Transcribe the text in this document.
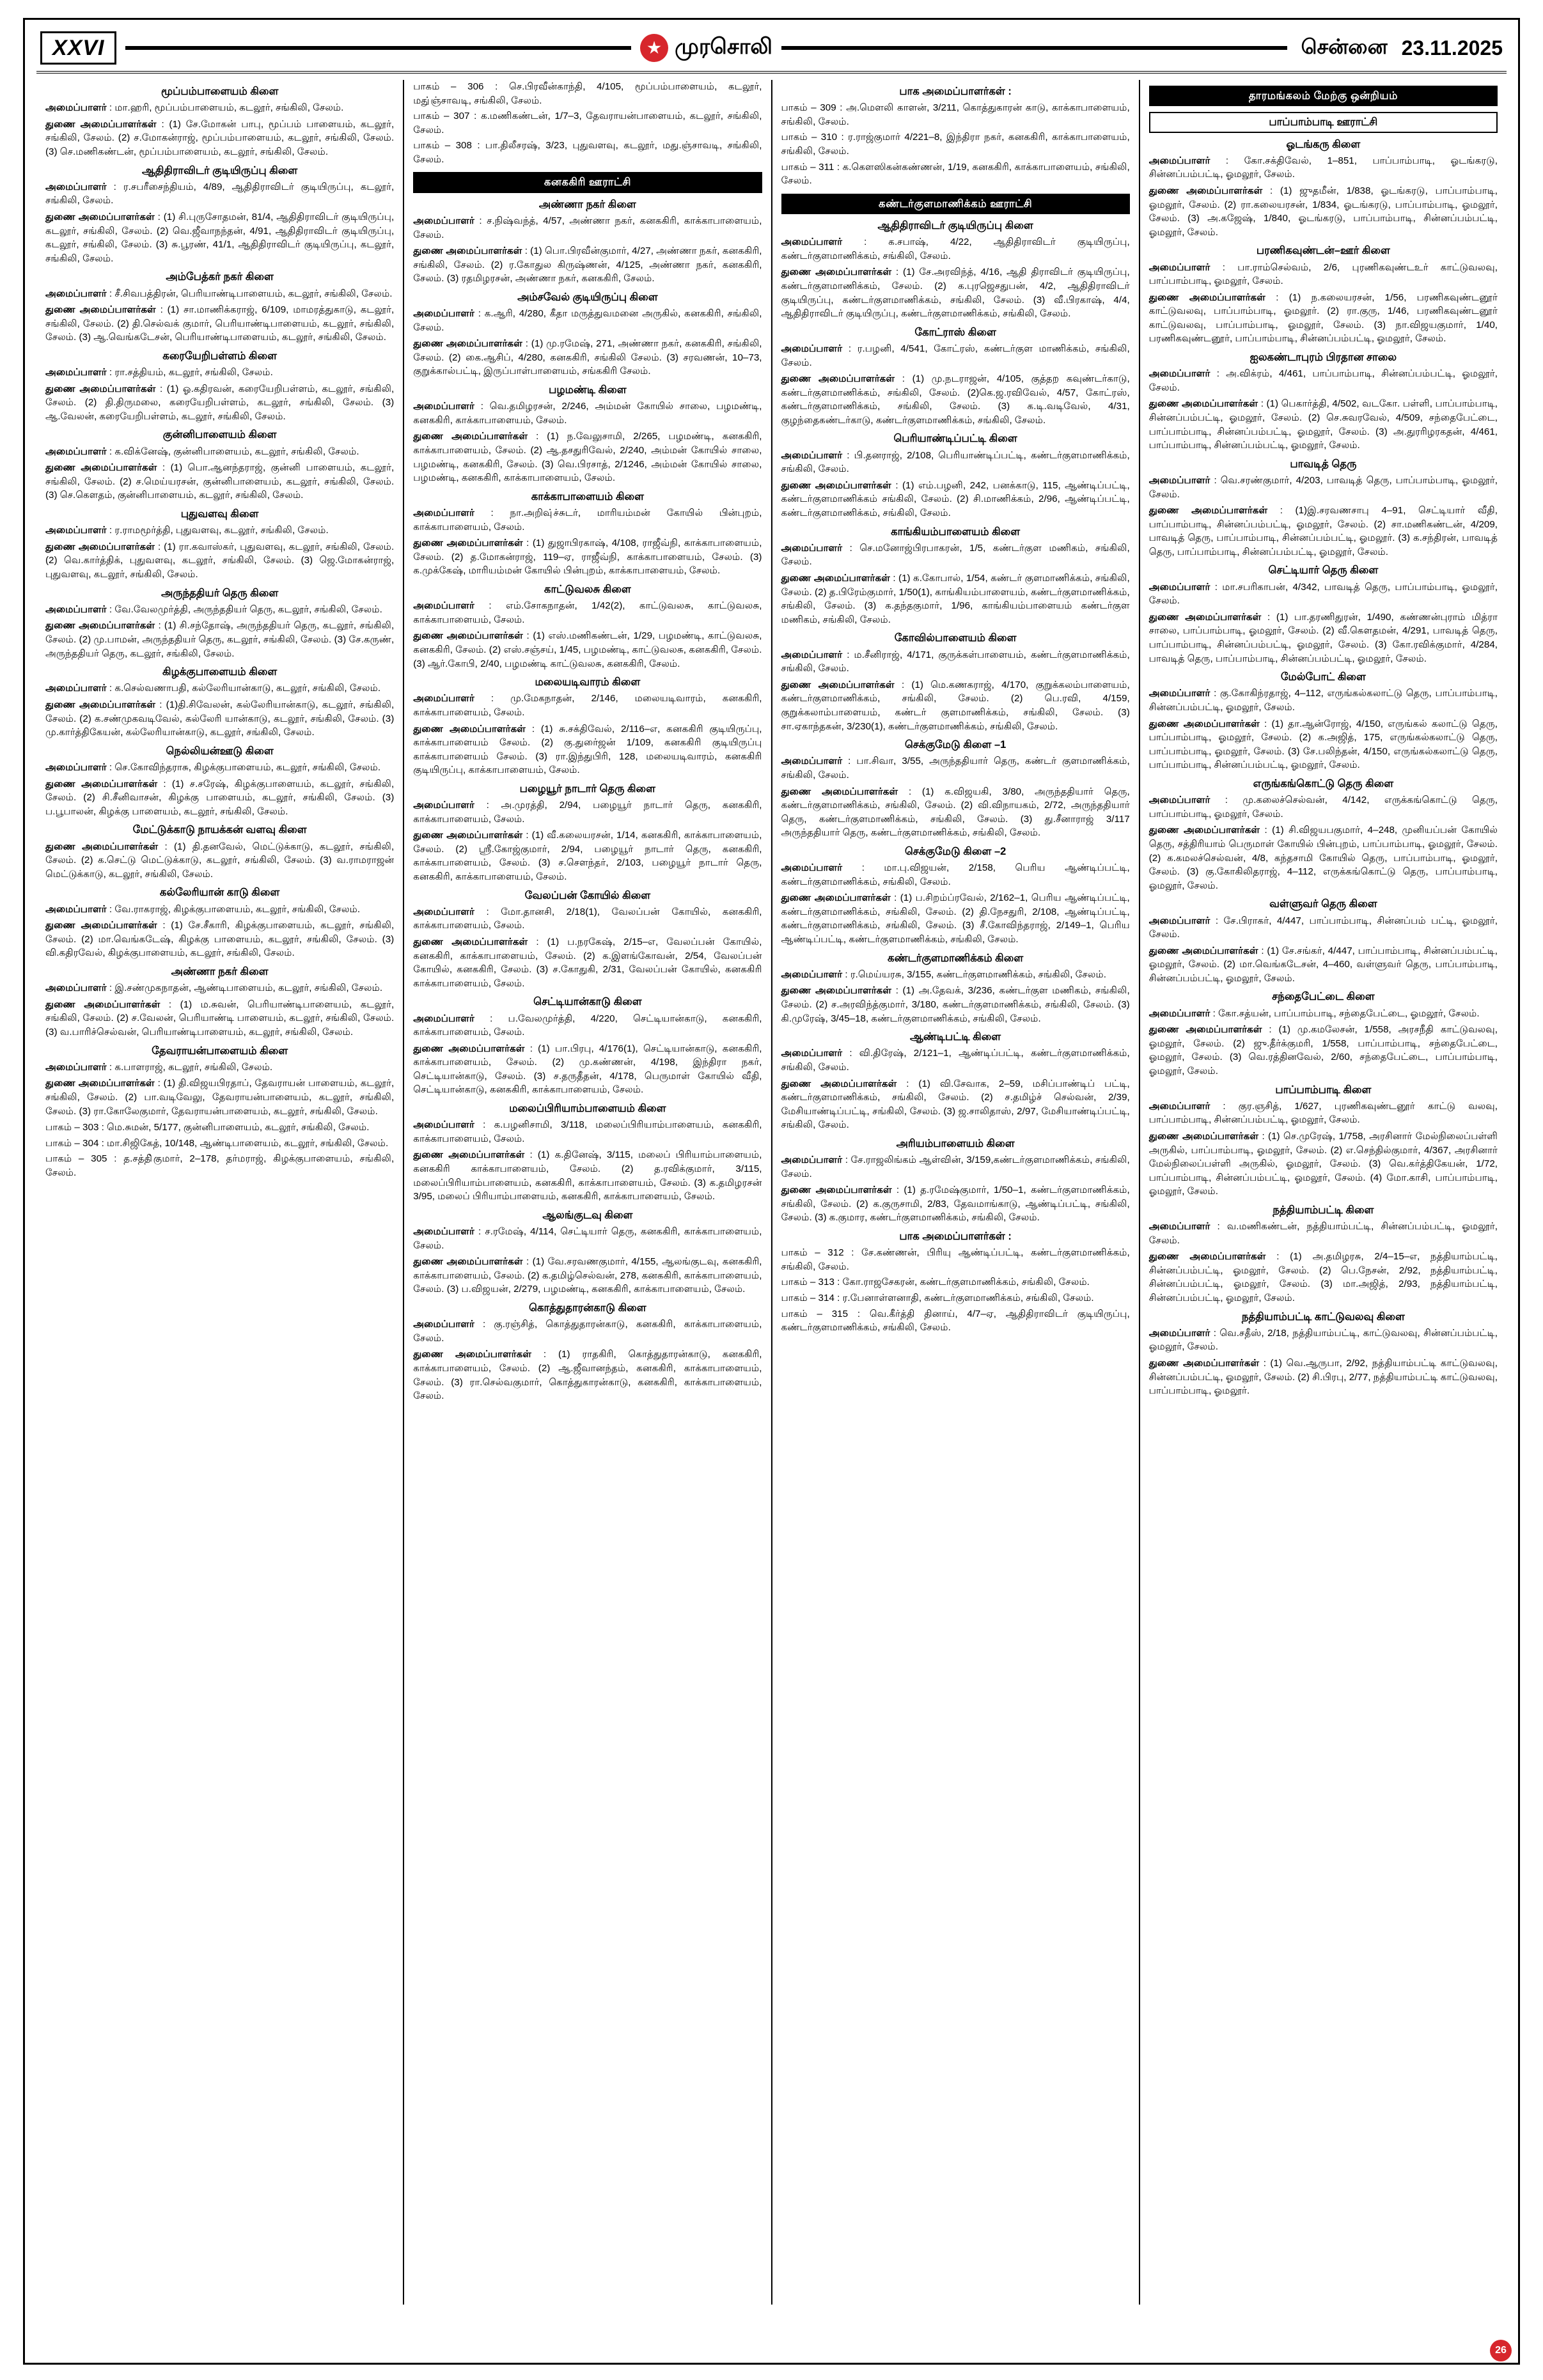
XXVI	முரசொலி	சென்னை 23.11.2025
மூப்பம்பாளையம் கிளை

அமைப்பாளர் : மா.ஹரி, மூப்பம்பாளையம், கடலூர், சங்கிலி, சேலம்.

துணை அமைப்பாளர்கள் : (1) சே.மோகன் பாபு, மூப்பம் பாளையம், கடலூர், சங்கிலி, சேலம். (2) ச.மோகன்ராஜ், மூப்பம்பாளையம், கடலூர், சங்கிலி, சேலம். (3) செ.மணிகண்டன், மூப்பம்பாளையம், கடலூர், சங்கிலி, சேலம்.

ஆதிதிராவிடர் குடியிருப்பு கிளை

அமைப்பாளர் : ர.சபரீசைந்தியம், 4/89, ஆதிதிராவிடர் குடியிருப்பு, கடலூர், சங்கிலி, சேலம்.

துணை அமைப்பாளர்கள் : (1) சி.புருசோதமன், 81/4, ஆதிதிராவிடர் குடியிருப்பு, கடலூர், சங்கிலி, சேலம். (2) வெ.ஜீவாநந்தன், 4/91, ஆதிதிராவிடர் குடியிருப்பு, கடலூர், சங்கிலி, சேலம். (3) சு.பூரண், 41/1, ஆதிதிராவிடர் குடியிருப்பு, கடலூர், சங்கிலி, சேலம்.

அம்பேத்கர் நகர் கிளை

அமைப்பாளர் : சீ.சிவபத்திரன், பெரியாண்டிபாளையம், கடலூர், சங்கிலி, சேலம்.

துணை அமைப்பாளர்கள் : (1) சா.மாணிக்கராஜ், 6/109, மாமரத்துகாடு, கடலூர், சங்கிலி, சேலம். (2) தி.செல்வக் குமார், பெரியாண்டிபாளையம், கடலூர், சங்கிலி, சேலம். (3) ஆ.வெங்கடேசன், பெரியாண்டிபாளையம், கடலூர், சங்கிலி, சேலம்.

கரையேறிபள்ளம் கிளை

அமைப்பாளர் : ரா.சத்தியம், கடலூர், சங்கிலி, சேலம்.

துணை அமைப்பாளர்கள் : (1) ஓ.கதிரவன், கரையேறிபள்ளம், கடலூர், சங்கிலி, சேலம். (2) தி.திருமலை, கரையேறிபள்ளம், கடலூர், சங்கிலி, சேலம். (3) ஆ.வேலன், கரையேறிபள்ளம், கடலூர், சங்கிலி, சேலம்.

குன்னிபாளையம் கிளை

அமைப்பாளர் : க.விக்னேஷ், குன்னிபாளையம், கடலூர், சங்கிலி, சேலம்.

துணை அமைப்பாளர்கள் : (1) பொ.ஆனந்தராஜ், குன்னி பாளையம், கடலூர், சங்கிலி, சேலம். (2) ச.மெய்யரசன், குன்னிபாளையம், கடலூர், சங்கிலி, சேலம். (3) செ.கௌதம், குன்னிபாளையம், கடலூர், சங்கிலி, சேலம்.

புதுவளவு கிளை

அமைப்பாளர் : ர.ராமமூர்த்தி, புதுவளவு, கடலூர், சங்கிலி, சேலம்.

துணை அமைப்பாளர்கள் : (1) ரா.கவாஸ்கர், புதுவளவு, கடலூர், சங்கிலி, சேலம். (2) வெ.கார்த்திக், புதுவளவு, கடலூர், சங்கிலி, சேலம். (3) ஜெ.மோகன்ராஜ், புதுவளவு, கடலூர், சங்கிலி, சேலம்.

அருந்ததியர் தெரு கிளை

அமைப்பாளர் : வே.வேலமுர்த்தி, அருந்ததியர் தெரு, கடலூர், சங்கிலி, சேலம்.

துணை அமைப்பாளர்கள் : (1) சி.சந்தோஷ், அருந்ததியர் தெரு, கடலூர், சங்கிலி, சேலம். (2) மு.பாமன், அருந்ததியர் தெரு, கடலூர், சங்கிலி, சேலம். (3) சே.கருண், அருந்ததியர் தெரு, கடலூர், சங்கிலி, சேலம்.

கிழக்குபாளையம் கிளை

அமைப்பாளர் : க.செல்வணாபதி, கல்லேரியான்காடு, கடலூர், சங்கிலி, சேலம்.

துணை அமைப்பாளர்கள் : (1)தி.சிவேலன், கல்லேரியான்காடு, கடலூர், சங்கிலி, சேலம். (2) க.சண்முகவடிவேல், கல்லேரி யான்காடு, கடலூர், சங்கிலி, சேலம். (3) மு.கார்த்திகேயன், கல்லேரியான்காடு, கடலூர், சங்கிலி, சேலம்.

நெல்லியன்ஊடு கிளை

அமைப்பாளர் : செ.கோவிந்தராசு, கிழக்குபாளையம், கடலூர், சங்கிலி, சேலம்.

துணை அமைப்பாளர்கள் : (1) ச.சரேஷ், கிழக்குபாளையம், கடலூர், சங்கிலி, சேலம். (2) சி.சீனிவாசன், கிழக்கு பாளையம், கடலூர், சங்கிலி, சேலம். (3) ப.பூபாலன், கிழக்கு பாளையம், கடலூர், சங்கிலி, சேலம்.

மேட்டுக்காடு நாயக்கன் வளவு கிளை

துணை அமைப்பாளர்கள் : (1) தி.தனவேல், மெட்டுக்காடு, கடலூர், சங்கிலி, சேலம். (2) க.செட்டு மெட்டுக்காடு, கடலூர், சங்கிலி, சேலம். (3) வ.ராமராஜன் மெட்டுக்காடு, கடலூர், சங்கிலி, சேலம்.

கல்லேரியான் காடு கிளை

அமைப்பாளர் : வே.ராகராஜ், கிழக்குபாளையம், கடலூர், சங்கிலி, சேலம்.

துணை அமைப்பாளர்கள் : (1) சே.சீகாரி, கிழக்குபாளையம், கடலூர், சங்கிலி, சேலம். (2) மா.வெங்கடேஷ், கிழக்கு பாளையம், கடலூர், சங்கிலி, சேலம். (3) வி.கதிரவேல், கிழக்குபாளையம், கடலூர், சங்கிலி, சேலம்.

அண்ணா நகர் கிளை

அமைப்பாளர் : இ.சண்முகநாதன், ஆண்டிபாளையம், கடலூர், சங்கிலி, சேலம்.

துணை அமைப்பாளர்கள் : (1) ம.சுவன், பெரியாண்டிபாளையம், கடலூர், சங்கிலி, சேலம். (2) ச.வேலன், பெரியாண்டி பாளையம், கடலூர், சங்கிலி, சேலம். (3) வ.பாரிச்செல்வன், பெரியாண்டிபாளையம், கடலூர், சங்கிலி, சேலம்.

தேவராயன்பாளையம் கிளை

அமைப்பாளர் : க.பாளராஜ், கடலூர், சங்கிலி, சேலம்.

துணை அமைப்பாளர்கள் : (1) தி.விஜயபிரதாப், தேவராயன் பாளையம், கடலூர், சங்கிலி, சேலம். (2) பா.வடிவேலு, தேவராயன்பாளையம், கடலூர், சங்கிலி, சேலம். (3) ரா.கோலேகுமார், தேவராயன்பாளையம், கடலூர், சங்கிலி, சேலம்.

பாகம் – 303 : மெ.சுமன், 5/177, குன்னிபாளையம், கடலூர், சங்கிலி, சேலம்.

பாகம் – 304 : மா.சிஜிகேத், 10/148, ஆண்டிபாளையம், கடலூர், சங்கிலி, சேலம்.

பாகம் – 305 : த.சத்தி்குமார், 2–178, தர்மராஜ், கிழக்குபாளையம், சங்கிலி, சேலம்.

பாகம் – 306 : செ.பிரவீன்காந்தி, 4/105, மூப்பம்பாளையம், கடலூர், மது்ஞ்சாவடி, சங்கிலி, சேலம்.

பாகம் – 307 : க.மணிகண்டன், 1/7–3, தேவராயன்பாளையம், கடலூர், சங்கிலி, சேலம்.

பாகம் – 308 : பா.திலீசரஷ், 3/23, புதுவளவு, கடலூர், மது.ஞ்சாவடி, சங்கிலி, சேலம்.

கனககிரி ஊராட்சி
அண்ணா நகர் கிளை

அமைப்பாளர் : ச.நிஷ்வந்த், 4/57, அண்ணா நகர், கனககிரி, காக்காபாளையம், சேலம்.

துணை அமைப்பாளர்கள் : (1) பொ.பிரவீன்குமார், 4/27, அண்ணா நகர், கனககிரி, சங்கிலி, சேலம். (2) ர.கோதுல கிருஷ்ணன், 4/125, அண்ணா நகர், கனககிரி, சேலம். (3) ரதமிழரசன், அண்ணா நகர், கனககிரி, சேலம்.

அம்சவேல் குடியிருப்பு கிளை

அமைப்பாளர் : க.ஆரி, 4/280, கீதா மருத்துவமனை அருகில், கனககிரி, சங்கிலி, சேலம்.

துணை அமைப்பாளர்கள் : (1) மு.ரமேஷ், 271, அண்ணா நகர், கனககிரி, சங்கிலி, சேலம். (2) கை.ஆசிப், 4/280, கனககிரி, சங்கிலி சேலம். (3) சரவணன், 10–73, குறுக்கால்பட்டி, இருப்பாள்பாளையம், சங்ககிரி சேலம்.

பழமண்டி கிளை

அமைப்பாளர் : வெ.தமிழரசன், 2/246, அம்மன் கோயில் சாலை, பழமண்டி, கனககிரி, காக்காபாளையம், சேலம்.

துணை அமைப்பாளர்கள் : (1) ந.வேலுசாமி, 2/265, பழமண்டி, கனககிரி, காக்காபாளையம், சேலம். (2) ஆ.தசதுரிவேல், 2/240, அம்மன் கோயில் சாலை, பழமண்டி, கனககிரி, சேலம். (3) வெ.பிரசாத், 2/1246, அம்மன் கோயில் சாலை, பழமண்டி, கனககிரி, காக்காபாளையம், சேலம்.

காக்காபாளையம் கிளை

அமைப்பாளர் : நா.அறிவு்ச்சுடர், மாரியம்மன் கோயில் பின்புறம், காக்காபாளையம், சேலம்.

துணை அமைப்பாளர்கள் : (1) துஜாபிரகாஷ், 4/108, ராஜீவ்நி, காக்காபாளையம், சேலம். (2) த.மோகன்ராஜ், 119–ஏ, ராஜீவ்நி, காக்காபாளையம், சேலம். (3) க.முக்கேஷ், மாரியம்மன் கோயில் பின்புறம், காக்காபாளையம், சேலம்.

காட்டுவலசு கிளை

அமைப்பாளர் : எம்.சோகநாதன், 1/42(2), காட்டுவலசு, காட்டுவலசு, காக்காபாளையம், சேலம்.

துணை அமைப்பாளர்கள் : (1) எஸ்.மணிகண்டன், 1/29, பழமண்டி, காட்டுவலசு, கனககிரி, சேலம். (2) எஸ்.சஞ்சய், 1/45, பழமண்டி, காட்டுவலசு, கனககிரி, சேலம். (3) ஆர்.கோபி, 2/40, பழமண்டி காட்டுவலசு, கனககிரி, சேலம்.

மலையடிவாரம் கிளை

அமைப்பாளர் : மு.மேகநாதன், 2/146, மலையடிவாரம், கனககிரி, காக்காபாளையம், சேலம்.

துணை அமைப்பாளர்கள் : (1) சு.சக்திவேல், 2/116–எ, கனககிரி குடியிருப்பு, காக்காபாளையம் சேலம். (2) கு.துரை்ஜன் 1/109, கனககிரி குடியிருப்பு காக்காபாளையம் சேலம். (3) ரா.இந்துபிரி, 128, மலையடிவாரம், கனககிரி குடியிருப்பு, காக்காபாளையம், சேலம்.

பழையூர் நாடார் தெரு கிளை

அமைப்பாளர் : அ.முரத்தி, 2/94, பழையூர் நாடார் தெரு, கனககிரி, காக்காபாளையம், சேலம்.

துணை அமைப்பாளர்கள் : (1) வீ.கலையரசன், 1/14, கனககிரி, காக்காபாளையம், சேலம். (2) ஸ்ரீ.கோஜ்குமார், 2/94, பழையூர் நாடார் தெரு, கனககிரி, காக்காபாளையம், சேலம். (3) ச.செளந்தர், 2/103, பழையூர் நாடார் தெரு, கனககிரி, காக்காபாளையம், சேலம்.

வேலப்பன் கோயில் கிளை

அமைப்பாளர் : மோ.தானசி, 2/18(1), வேலப்பன் கோயில், கனககிரி, காக்காபாளையம், சேலம்.

துணை அமைப்பாளர்கள் : (1) ப.நரகேஷ், 2/15–எ, வேலப்பன் கோயில், கனககிரி, காக்காபாளையம், சேலம். (2) க.இளங்கோவன், 2/54, வேலப்பன் கோயில், கனககிரி, சேலம். (3) ச.கோதுகி, 2/31, வேலப்பன் கோயில், கனககிரி காக்காபாளையம், சேலம்.

செட்டியான்காடு கிளை

அமைப்பாளர் : ப.வேலமுர்த்தி, 4/220, செட்டியான்காடு, கனககிரி, காக்காபாளையம், சேலம்.

துணை அமைப்பாளர்கள் : (1) பா.பிரபு, 4/176(1), செட்டியான்காடு, கனககிரி, காக்காபாளையம், சேலம். (2) மு.கண்ணன், 4/198, இந்திரா நகர், செட்டியான்காடு, சேலம். (3) ச.தருதீதன், 4/178, பெருமாள் கோயில் வீதி, செட்டியான்காடு, கனககிரி, காக்காபாளையம், சேலம்.

மலைப்பிரியாம்பாளையம் கிளை

அமைப்பாளர் : க.பழனிசாமி, 3/118, மலைப்பிரியாம்பாளையம், கனககிரி, காக்காபாளையம், சேலம்.

துணை அமைப்பாளர்கள் : (1) க.தினேஷ், 3/115, மலைப் பிரியாம்பாளையம், கனககிரி காக்காபாளையம், சேலம். (2) த.ரவிக்குமார், 3/115, மலைப்பிரியாம்பாளையம், கனககிரி, காக்காபாளையம், சேலம். (3) க.தமிழரசன் 3/95, மலைப் பிரியாம்பாளையம், கனககிரி, காக்காபாளையம், சேலம்.

ஆலங்குடவு கிளை

அமைப்பாளர் : ச.ரமேஷ், 4/114, செட்டியார் தெரு, கனககிரி, காக்காபாளையம், சேலம்.

துணை அமைப்பாளர்கள் : (1) வே.சரவணகுமார், 4/155, ஆலங்குடவு, கனககிரி, காக்காபாளையம், சேலம். (2) க.தமிழ்செல்வன், 278, கனககிரி, காக்காபாளையம், சேலம். (3) ப.விஜயன், 2/279, பழமண்டி, கனககிரி, காக்காபாளையம், சேலம்.

கொத்துதாரன்காடு கிளை

அமைப்பாளர் : கு.ரஞ்சித், கொத்துதாரன்காடு, கனககிரி, காக்காபாளையம், சேலம்.

துணை அமைப்பாளர்கள் : (1) ராதகிரி, கொத்துதாரன்காடு, கனககிரி, காக்காபாளையம், சேலம். (2) ஆ.ஜீவானந்தம், கனககிரி, காக்காபாளையம், சேலம். (3) ரா.செல்வகுமார், கொத்துகாரன்காடு, கனககிரி, காக்காபாளையம், சேலம்.

பாக அமைப்பாளர்கள் :

பாகம் – 309 : அ.மௌலி காளன், 3/211, கொத்துகாரன் காடு, காக்காபாளையம், சங்கிலி, சேலம்.

பாகம் – 310 : ர.ராஜ்குமார் 4/221–8, இந்திரா நகர், கனககிரி, காக்காபாளையம், சங்கிலி, சேலம்.

பாகம் – 311 : க.கௌஸிகன்கண்ணன், 1/19, கனககிரி, காக்காபாளையம், சங்கிலி, சேலம்.

கண்டர்குளமாணிக்கம் ஊராட்சி
ஆதிதிராவிடர் குடியிருப்பு கிளை

அமைப்பாளர் : க.சபாஷ், 4/22, ஆதிதிராவிடர் குடியிருப்பு, கண்டர்குளமாணிக்கம், சங்கிலி, சேலம்.

துணை அமைப்பாளர்கள் : (1) சே.அரவிந்த், 4/16, ஆதி திராவிடர் குடியிருப்பு, கண்டர்குளமாணிக்கம், சேலம். (2) க.புரஜெசதுபன், 4/2, ஆதிதிராவிடர் குடியிருப்பு, கண்டர்குளமாணிக்கம், சங்கிலி, சேலம். (3) வீ.பிரகாஷ், 4/4, ஆதிதிராவிடர் குடியிருப்பு, கண்டர்குளமாணிக்கம், சங்கிலி, சேலம்.

கோட்ராஸ் கிளை

அமைப்பாளர் : ர.பழனி, 4/541, கோட்ரஸ், கண்டர்குள மாணிக்கம், சங்கிலி, சேலம்.

துணை அமைப்பாளர்கள் : (1) மு.நடராஜன், 4/105, குத்தற கவுண்டர்காடு, கண்டர்குளமாணிக்கம், சங்கிலி, சேலம். (2)கெ.ஜ.ரவிவேல், 4/57, கோட்ரஸ், கண்டர்குளமாணிக்கம், சங்கிலி, சேலம். (3) க.டி.வடிவேல், 4/31, குழந்தைகண்டர்காடு, கண்டர்குளமாணிக்கம், சங்கிலி, சேலம்.

பெரியாண்டிப்பட்டி கிளை

அமைப்பாளர் : பி.தனராஜ், 2/108, பெரியாண்டிப்பட்டி, கண்டர்குளமாணிக்கம், சங்கிலி, சேலம்.

துணை அமைப்பாளர்கள் : (1) எம்.பழனி, 242, பனக்காடு, 115, ஆண்டிப்பட்டி, கண்டர்குளமாணிக்கம் சங்கிலி, சேலம். (2) சி.மாணிக்கம், 2/96, ஆண்டிப்பட்டி, கண்டர்குளமாணிக்கம், சங்கிலி, சேலம்.

காங்கியம்பாளையம் கிளை

அமைப்பாளர் : செ.மனோஜ்பிரபாகரன், 1/5, கண்டர்குள மணிகம், சங்கிலி, சேலம்.

துணை அமைப்பாளர்கள் : (1) க.கோபால், 1/54, கண்டர் குளமாணிக்கம், சங்கிலி, சேலம். (2) த.பிரேம்குமார், 1/50(1), காங்கியம்பாளையம், கண்டர்குளமாணிக்கம், சங்கிலி, சேலம். (3) க.தந்தகுமார், 1/96, காங்கியம்பாளையம் கண்டர்குள மணிகம், சங்கிலி, சேலம்.

கோவில்பாளையம் கிளை

அமைப்பாளர் : ம.சீனிராஜ், 4/171, குருக்கள்பாளையம், கண்டர்குளமாணிக்கம், சங்கிலி, சேலம்.

துணை அமைப்பாளர்கள் : (1) மெ.கணகராஜ், 4/170, குறுக்கலம்பாளையம், கண்டர்குளமாணிக்கம், சங்கிலி, சேலம். (2) பெ.ரவி, 4/159, குறுக்கலாம்பாளையம், கண்டர் குளமாணிக்கம், சங்கிலி, சேலம். (3) சா.ஏகாந்தகன், 3/230(1), கண்டர்குளமாணிக்கம், சங்கிலி, சேலம்.

செக்குமேடு கிளை –1

அமைப்பாளர் : பா.சிவா, 3/55, அருந்ததியார் தெரு, கண்டர் குளமாணிக்கம், சங்கிலி, சேலம்.

துணை அமைப்பாளர்கள் : (1) க.விஜயகி, 3/80, அருந்ததியார் தெரு, கண்டர்குளமாணிக்கம், சங்கிலி, சேலம். (2) வி.விநாயகம், 2/72, அருந்ததியார் தெரு, கண்டர்குளமாணிக்கம், சங்கிலி, சேலம். (3) து.சீனாராஜ் 3/117 அருந்ததியார் தெரு, கண்டர்குளமாணிக்கம், சங்கிலி, சேலம்.

செக்குமேடு கிளை –2

அமைப்பாளர் : மா.பு.விஜயன், 2/158, பெரிய ஆண்டிப்பட்டி, கண்டர்குளமாணிக்கம், சங்கிலி, சேலம்.

துணை அமைப்பாளர்கள் : (1) ப.சிறம்ப்ரவேல், 2/162–1, பெரிய ஆண்டிப்பட்டி, கண்டர்குளமாணிக்கம், சங்கிலி, சேலம். (2) தி.நேசதுரி, 2/108, ஆண்டிப்பட்டி, கண்டர்குளமாணிக்கம், சங்கிலி, சேலம். (3) சீ.கோவிந்தராஜ், 2/149–1, பெரிய ஆண்டிப்பட்டி, கண்டர்குளமாணிக்கம், சங்கிலி, சேலம்.

கண்டர்குளமாணிக்கம் கிளை

அமைப்பாளர் : ர.மெய்யரசு, 3/155, கண்டர்குளமாணிக்கம், சங்கிலி, சேலம்.

துணை அமைப்பாளர்கள் : (1) அ.தேவக், 3/236, கண்டர்குள மணிகம், சங்கிலி, சேலம். (2) ச.அரவிந்த்குமார், 3/180, கண்டர்குளமாணிக்கம், சங்கிலி, சேலம். (3) கி.முரேஷ், 3/45–18, கண்டர்குளமாணிக்கம், சங்கிலி, சேலம்.

ஆண்டிபட்டி கிளை

அமைப்பாளர் : வி.திரேஷ், 2/121–1, ஆண்டிப்பட்டி, கண்டர்குளமாணிக்கம், சங்கிலி, சேலம்.

துணை அமைப்பாளர்கள் : (1) வி.சேவாக, 2–59, மசிப்பாண்டிப் பட்டி, கண்டர்குளமாணிக்கம், சங்கிலி, சேலம். (2) ச.தமிழ்ச் செல்வன், 2/39, மேசியாண்டிப்பட்டி, சங்கிலி, சேலம். (3) ஜ.சாலிதாஸ், 2/97, மேசியாண்டிப்பட்டி, சங்கிலி, சேலம்.

அரியம்பாளையம் கிளை

அமைப்பாளர் : சே.ராஜலிங்கம் ஆள்வின், 3/159,கண்டர்குளமாணிக்கம், சங்கிலி, சேலம்.

துணை அமைப்பாளர்கள் : (1) த.ரமேஷ்குமார், 1/50–1, கண்டர்குளமாணிக்கம், சங்கிலி, சேலம். (2) க.குருசாமி, 2/83, தேவமாங்காடு, ஆண்டிப்பட்டி, சங்கிலி, சேலம். (3) க.குமார, கண்டர்குளமாணிக்கம், சங்கிலி, சேலம்.

பாக அமைப்பாளர்கள் :

பாகம் – 312 : சே.கண்ணன், பிரியு ஆண்டிப்பட்டி, கண்டர்குளமாணிக்கம், சங்கிலி, சேலம்.

பாகம் – 313 : கோ.ராஜசேகரன், கண்டர்குளமாணிக்கம், சங்கிலி, சேலம்.

பாகம் – 314 : ர.பேனாள்ளனாதி, கண்டர்குளமாணிக்கம், சங்கிலி, சேலம்.

பாகம் – 315 : வெ.கீர்த்தி தினாய், 4/7–ஏ, ஆதிதிராவிடர் குடியிருப்பு, கண்டர்குளமாணிக்கம், சங்கிலி, சேலம்.

தாரமங்கலம் மேற்கு ஒன்றியம்
பாப்பாம்பாடி ஊராட்சி
ஓடங்கரு கிளை

அமைப்பாளர் : கோ.சக்திவேல், 1–851, பாப்பாம்பாடி, ஓடங்கரடு, சின்னப்பம்பட்டி, ஓமலூர், சேலம்.

துணை அமைப்பாளர்கள் : (1) ஜுதமீன், 1/838, ஓடங்கரடு, பாப்பாம்பாடி, ஓமலூர், சேலம். (2) ரா.கலையரசன், 1/834, ஓடங்கரடு, பாப்பாம்பாடி, ஓமலூர், சேலம். (3) அ.கஜேஷ், 1/840, ஓடங்கரடு, பாப்பாம்பாடி, சின்னப்பம்பட்டி, ஓமலூர், சேலம்.

பரணிகவுண்டன்–ஊர் கிளை

அமைப்பாளர் : பா.ராம்செல்வம், 2/6, புரணிகவுண்டஉர் காட்டுவலவு, பாப்பாம்பாடி, ஓமலூர், சேலம்.

துணை அமைப்பாளர்கள் : (1) ந.கலையரசன், 1/56, பரணிகவுண்டனூர் காட்டுவலவு, பாப்பாம்பாடி, ஓமலூர். (2) ரா.குரு, 1/46, பரணிகவுண்டனூர் காட்டுவலவு, பாப்பாம்பாடி, ஓமலூர், சேலம். (3) நா.விஜயகுமார், 1/40, பரணிகவுண்டனூர், பாப்பாம்பாடி, சின்னப்பம்பட்டி, ஓமலூர், சேலம்.

ஐலகண்டாபுரம் பிரதான சாலை

அமைப்பாளர் : அ.விக்ரம், 4/461, பாப்பாம்பாடி, சின்னப்பம்பட்டி, ஓமலூர், சேலம்.

துணை அமைப்பாளர்கள் : (1) பெகார்த்தி, 4/502, வடகோ. பள்ளி, பாப்பாம்பாடி, சின்னப்பம்பட்டி, ஓமலூர், சேலம். (2) செ.சுவரவேல், 4/509, சந்தைபேட்டை, பாப்பாம்பாடி, சின்னப்பம்பட்டி, ஓமலூர், சேலம். (3) அ.துரரிழரகதன், 4/461, பாப்பாம்பாடி, சின்னப்பம்பட்டி, ஓமலூர், சேலம்.

பாவடித் தெரு

அமைப்பாளர் : வெ.சரண்குமார், 4/203, பாவடித் தெரு, பாப்பாம்பாடி, ஓமலூர், சேலம்.

துணை அமைப்பாளர்கள் : (1)இ.சரவணசாபு 4–91, செட்டியார் வீதி, பாப்பாம்பாடி, சின்னப்பம்பட்டி, ஓமலூர், சேலம். (2) சா.மணிகண்டன், 4/209, பாவடித் தெரு, பாப்பாம்பாடி, சின்னப்பம்பட்டி, ஓமலூர். (3) க.சந்திரன், பாவடித் தெரு, பாப்பாம்பாடி, சின்னப்பம்பட்டி, ஓமலூர், சேலம்.

செட்டியார் தெரு கிளை

அமைப்பாளர் : மா.சபரிகாபன், 4/342, பாவடித் தெரு, பாப்பாம்பாடி, ஓமலூர், சேலம்.

துணை அமைப்பாளர்கள் : (1) பா.தரணிதுரன், 1/490, கண்ணன்புராம் மித்ரா சாலை, பாப்பாம்பாடி, ஓமலூர், சேலம். (2) வீ.கௌதமன், 4/291, பாவடித் தெரு, பாப்பாம்பாடி, சின்னப்பம்பட்டி, ஓமலூர், சேலம். (3) கோ.ரவிக்குமார், 4/284, பாவடித் தெரு, பாப்பாம்பாடி, சின்னப்பம்பட்டி, ஓமலூர், சேலம்.

மேல்போட் கிளை

அமைப்பாளர் : கு.கோகிந்ரதாஜ், 4–112, எருங்கல்கலாட்டு தெரு, பாப்பாம்பாடி, சின்னப்பம்பட்டி, ஓமலூர், சேலம்.

துணை அமைப்பாளர்கள் : (1) தா.ஆன்ரோஜ், 4/150, எருங்கல் கலாட்டு தெரு, பாப்பாம்பாடி, ஓமலூர், சேலம். (2) க.அஜித், 175, எருங்கல்கலாட்டு தெரு, பாப்பாம்பாடி, ஓமலூர், சேலம். (3) சே.பலிந்தன், 4/150, எருங்கல்கலாட்டு தெரு, பாப்பாம்பாடி, சின்னப்பம்பட்டி, ஓமலூர், சேலம்.

எருங்கங்கொட்டு தெரு கிளை

அமைப்பாளர் : மு.கலைச்செல்வன், 4/142, எருக்கங்கொட்டு தெரு, பாப்பாம்பாடி, ஓமலூர், சேலம்.

துணை அமைப்பாளர்கள் : (1) சி.விஜயபகுமார், 4–248, முனியப்பன் கோயில் தெரு, சத்திரியாம் பெருமாள் கோயில் பின்புறம், பாப்பாம்பாடி, ஓமலூர், சேலம். (2) க.கமலச்செல்வன், 4/8, கந்தசாமி கோயில் தெரு, பாப்பாம்பாடி, ஓமலூர், சேலம். (3) கு.கோகிலிதராஜ், 4–112, எருக்கங்கொட்டு தெரு, பாப்பாம்பாடி, ஓமலூர், சேலம்.

வள்ளுவர் தெரு கிளை

அமைப்பாளர் : சே.பிராகர், 4/447, பாப்பாம்பாடி, சின்னப்பம் பட்டி, ஓமலூர், சேலம்.

துணை அமைப்பாளர்கள் : (1) சே.சங்கர், 4/447, பாப்பாம்பாடி, சின்னப்பம்பட்டி, ஓமலூர், சேலம். (2) மா.வெங்கடேசன், 4–460, வள்ளுவர் தெரு, பாப்பாம்பாடி, சின்னப்பம்பட்டி, ஓமலூர், சேலம்.

சந்தைபேட்டை கிளை

அமைப்பாளர் : கோ.சத்யன், பாப்பாம்பாடி, சந்தைபேட்டை, ஓமலூர், சேலம்.

துணை அமைப்பாளர்கள் : (1) மு.கமலேசன், 1/558, அரசநீதி காட்டுவலவு, ஓமலூர், சேலம். (2) ஜு.தீர்க்குமரி, 1/558, பாப்பாம்பாடி, சந்தைபேட்டை, ஓமலூர், சேலம். (3) வெ.ரத்தினவேல், 2/60, சந்தைபேட்டை, பாப்பாம்பாடி, ஓமலூர், சேலம்.

பாப்பாம்பாடி கிளை

அமைப்பாளர் : குர.ஞசித், 1/627, புரணிகவுண்டனூர் காட்டு வலவு, பாப்பாம்பாடி, சின்னப்பம்பட்டி, ஓமலூர், சேலம்.

துணை அமைப்பாளர்கள் : (1) செ.முரேஷ், 1/758, அரசினார் மேல்நிலைப்பள்ளி அருகில், பாப்பாம்பாடி, ஓமலூர், சேலம். (2) எ.செந்தில்குமார், 4/367, அரசினார் மேல்நிலைப்பள்ளி அருகில், ஓமலூர், சேலம். (3) வெ.கர்த்திகேயன், 1/72, பாப்பாம்பாடி, சின்னப்பம்பட்டி, ஓமலூர், சேலம். (4) மோ.காசி, பாப்பாம்பாடி, ஓமலூர், சேலம்.

நத்தியாம்பட்டி கிளை

அமைப்பாளர் : வ.மணிகண்டன், நத்தியாம்பட்டி, சின்னப்பம்பட்டி, ஓமலூர், சேலம்.

துணை அமைப்பாளர்கள் : (1) அ.தமிழரசு, 2/4–15–எ, நத்தியாம்பட்டி, சின்னப்பம்பட்டி, ஓமலூர், சேலம். (2) பெ.நேசன், 2/92, நத்தியாம்பட்டி, சின்னப்பம்பட்டி, ஓமலூர், சேலம். (3) மா.அஜித், 2/93, நத்தியாம்பட்டி, சின்னப்பம்பட்டி, ஓமலூர், சேலம்.

நத்தியாம்பட்டி காட்டுவலவு கிளை

அமைப்பாளர் : வெ.சதீஸ், 2/18, நத்தியாம்பட்டி, காட்டுவலவு, சின்னப்பம்பட்டி, ஓமலூர், சேலம்.

துணை அமைப்பாளர்கள் : (1) வெ.ஆருபா, 2/92, நத்தியாம்பட்டி காட்டுவலவு, சின்னப்பம்பட்டி, ஓமலூர், சேலம். (2) சி.பிரபு, 2/77, நத்தியாம்பட்டி காட்டுவலவு, பாப்பாம்பாடி, ஓமலூர்.

26
